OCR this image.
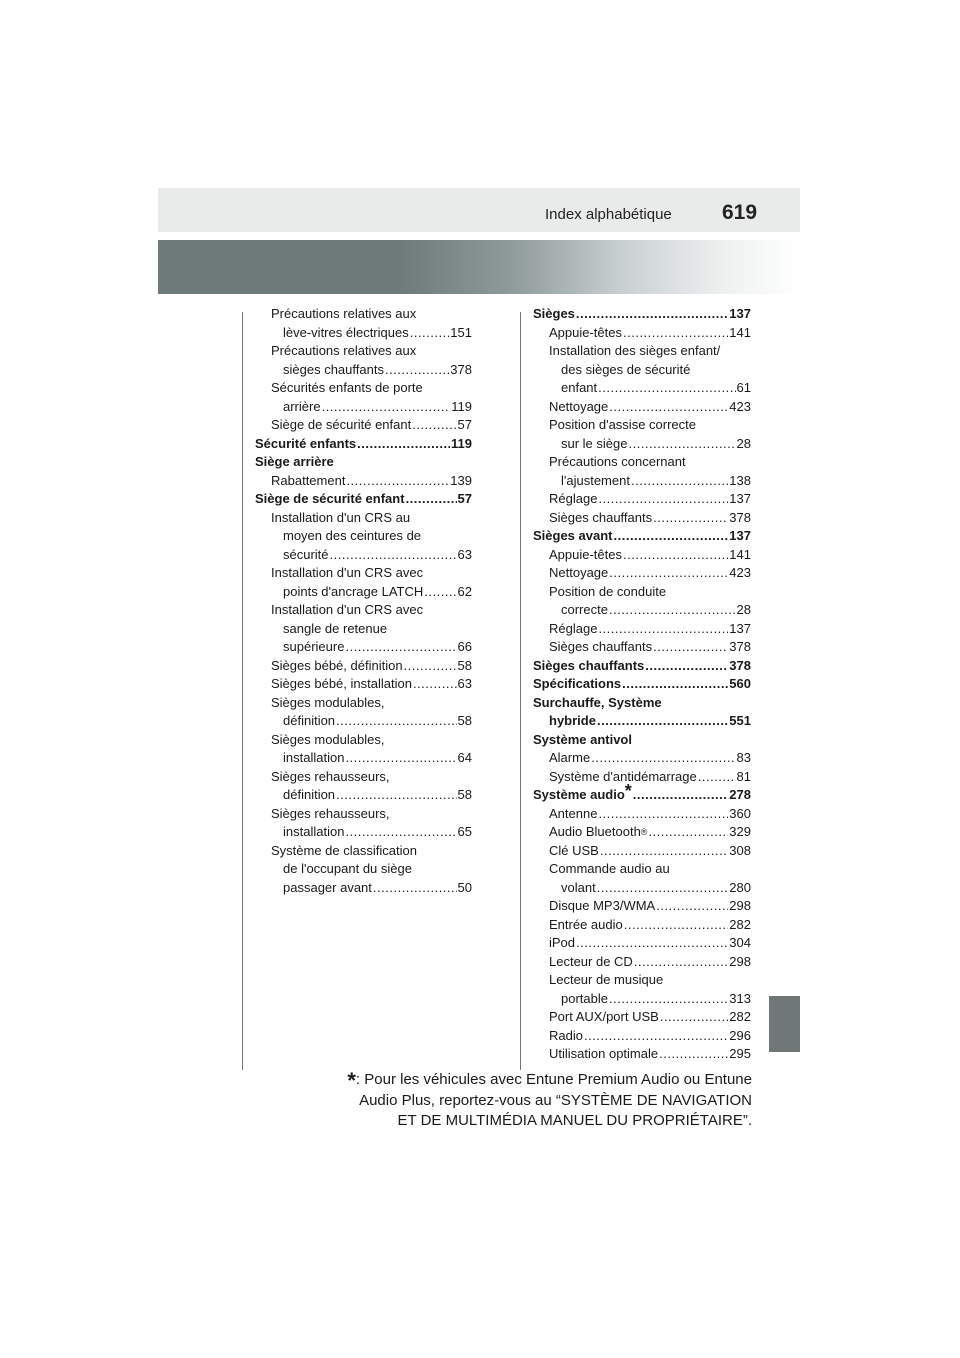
Index alphabétique 619
Précautions relatives aux
lève-vitres électriques .....	151
Précautions relatives aux
sièges chauffants .....	378
Sécurités enfants de porte
arrière .....	119
Siège de sécurité enfant .....	57
Sécurité enfants .....	119
Siège arrière
Rabattement .....	139
Siège de sécurité enfant .....	57
Installation d'un CRS au
moyen des ceintures de
sécurité .....	63
Installation d'un CRS avec
points d'ancrage LATCH .....	62
Installation d'un CRS avec
sangle de retenue
supérieure .....	66
Sièges bébé, définition .....	58
Sièges bébé, installation .....	63
Sièges modulables,
définition .....	58
Sièges modulables,
installation .....	64
Sièges rehausseurs,
définition .....	58
Sièges rehausseurs,
installation .....	65
Système de classification
de l'occupant du siège
passager avant .....	50
Sièges .....	137
Appuie-têtes .....	141
Installation des sièges enfant/
des sièges de sécurité
enfant .....	61
Nettoyage .....	423
Position d'assise correcte
sur le siège .....	28
Précautions concernant
l'ajustement .....	138
Réglage .....	137
Sièges chauffants .....	378
Sièges avant .....	137
Appuie-têtes .....	141
Nettoyage .....	423
Position de conduite
correcte .....	28
Réglage .....	137
Sièges chauffants .....	378
Sièges chauffants .....	378
Spécifications .....	560
Surchauffe, Système
hybride .....	551
Système antivol
Alarme .....	83
Système d'antidémarrage .....	81
Système audio * .....	278
Antenne .....	360
Audio Bluetooth ® .....	329
Clé USB .....	308
Commande audio au
volant .....	280
Disque MP3/WMA .....	298
Entrée audio .....	282
iPod .....	304
Lecteur de CD .....	298
Lecteur de musique
portable .....	313
Port AUX/port USB .....	282
Radio .....	296
Utilisation optimale .....	295
*: Pour les véhicules avec Entune Premium Audio ou Entune
Audio Plus, reportez-vous au “SYSTÈME DE NAVIGATION
ET DE MULTIMÉDIA MANUEL DU PROPRIÉTAIRE”.
